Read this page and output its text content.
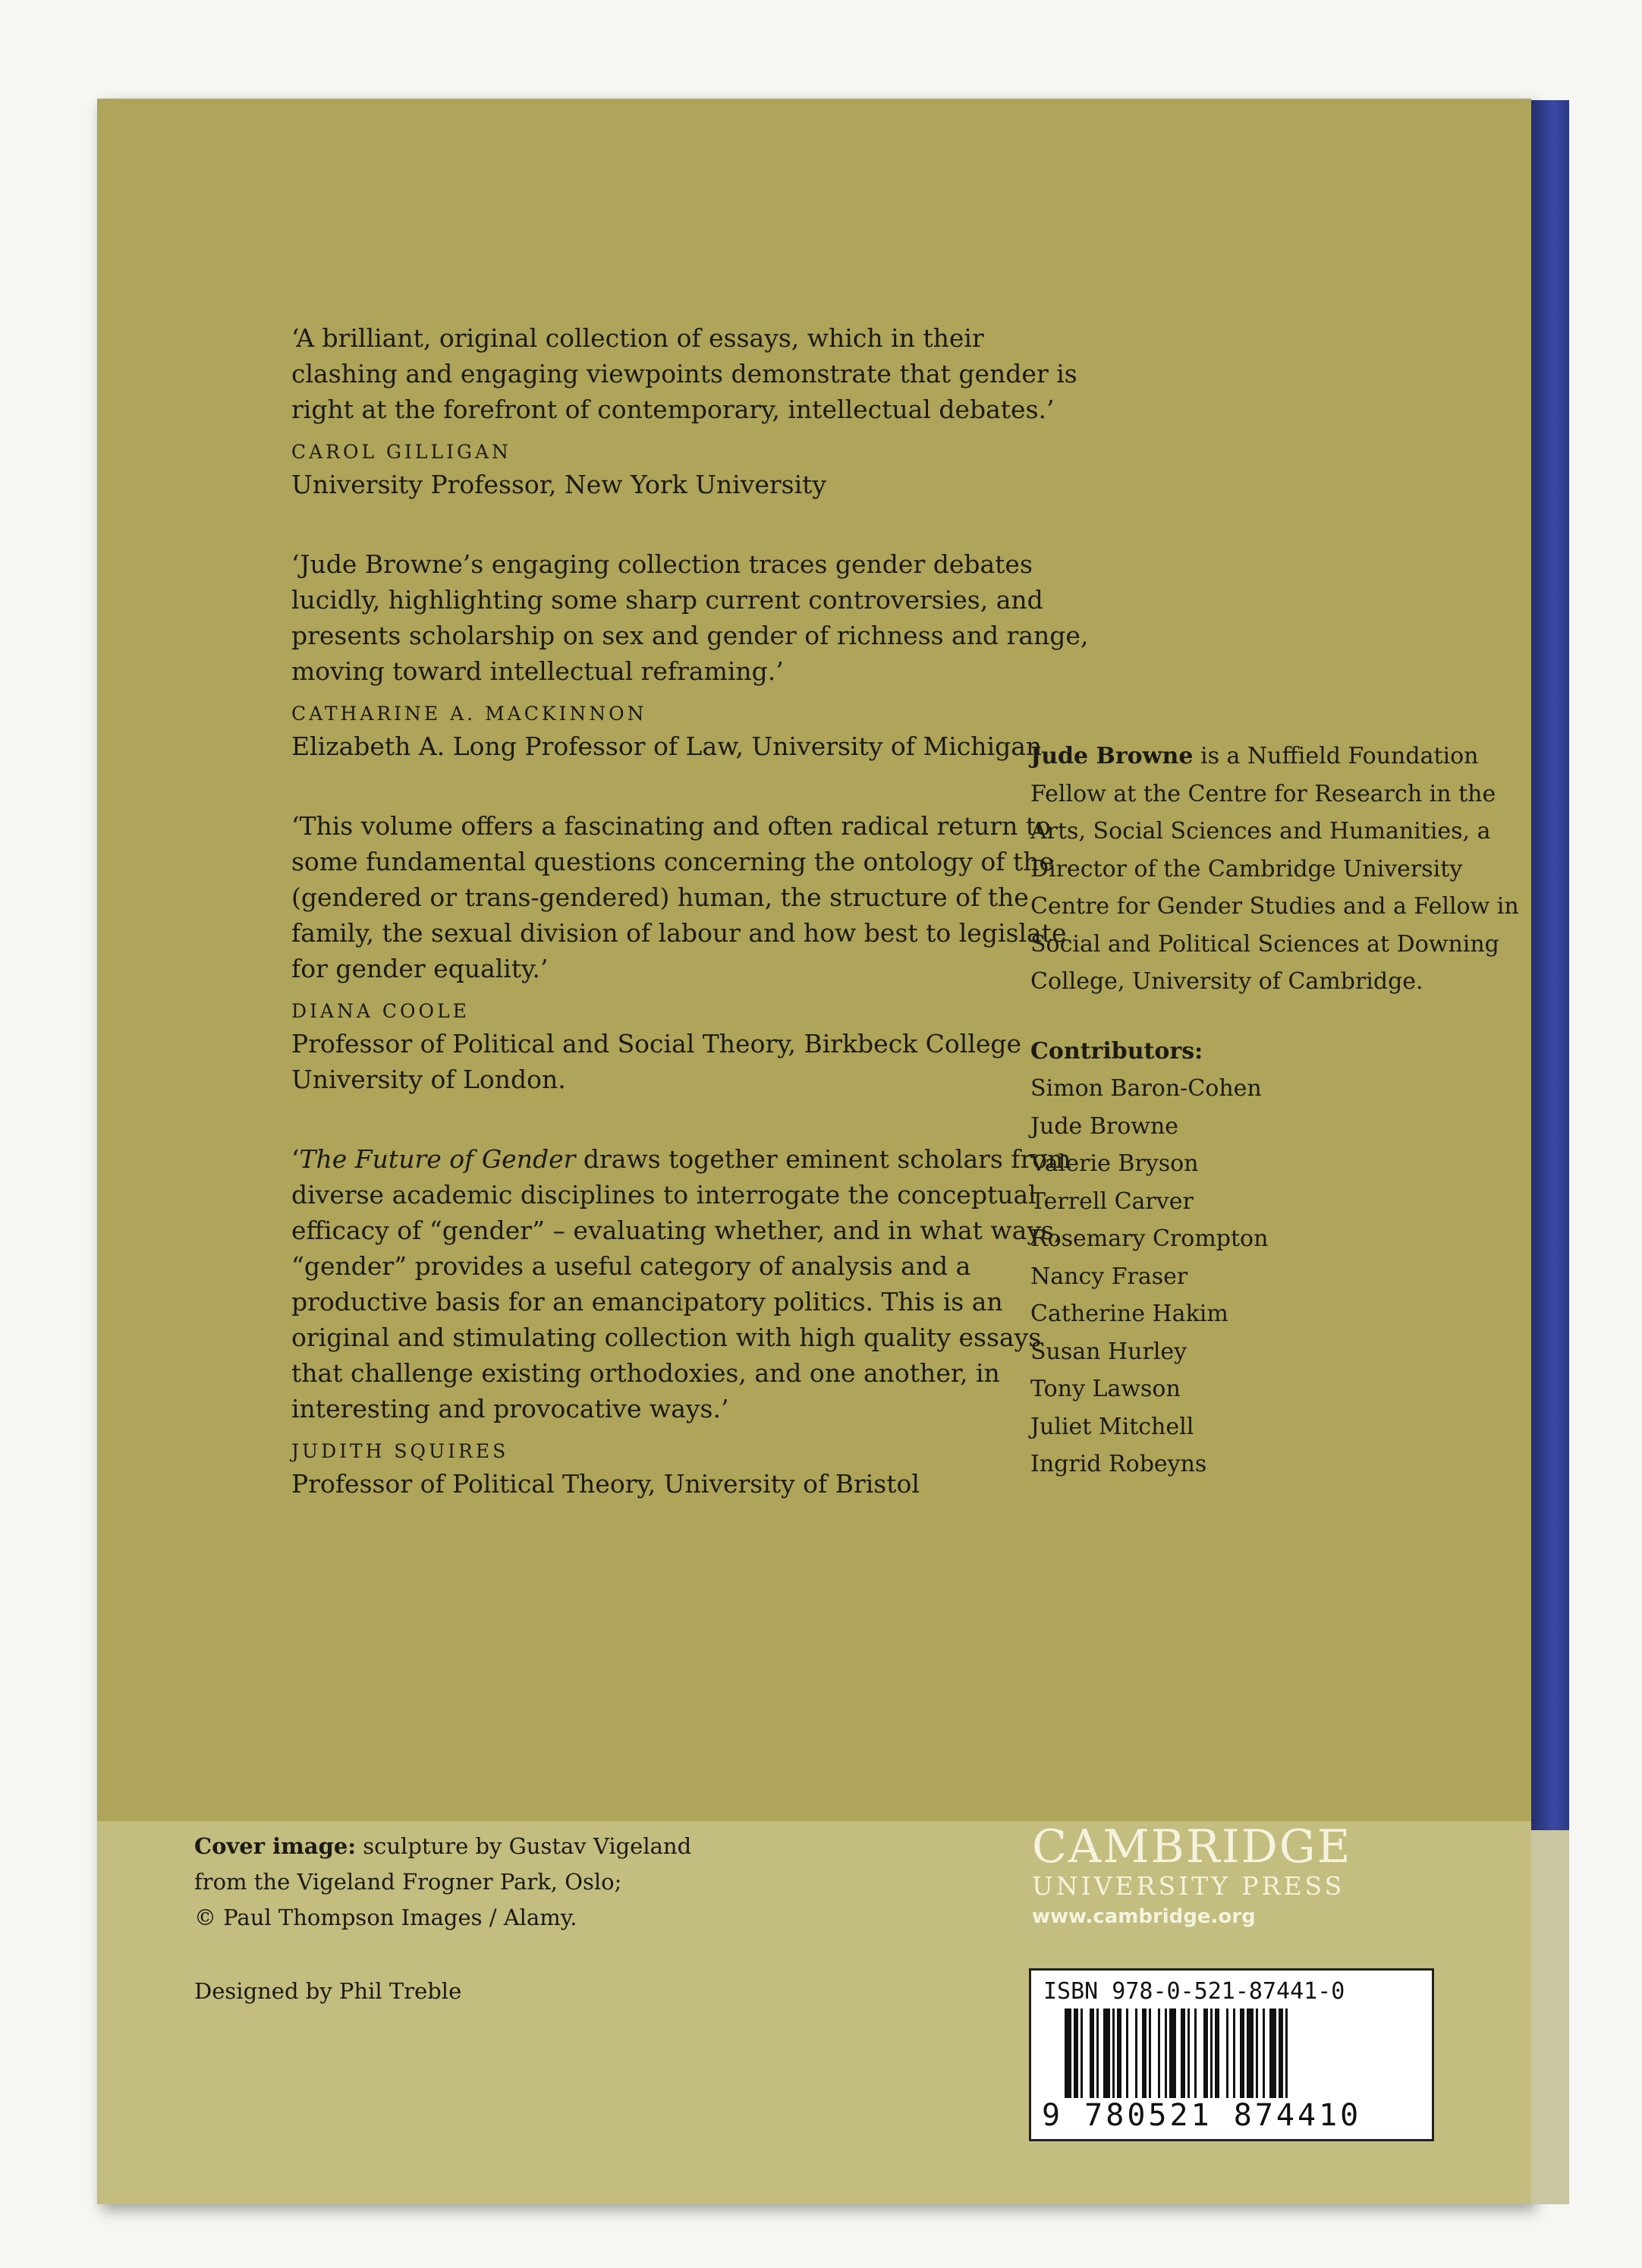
‘A brilliant, original collection of essays, which in their clashing and engaging viewpoints demonstrate that gender is right at the forefront of contemporary, intellectual debates.’

CAROL GILLIGAN

University Professor, New York University

‘Jude Browne’s engaging collection traces gender debates lucidly, highlighting some sharp current controversies, and presents scholarship on sex and gender of richness and range, moving toward intellectual reframing.’

CATHARINE A. MACKINNON

Elizabeth A. Long Professor of Law, University of Michigan

‘This volume offers a fascinating and often radical return to some fundamental questions concerning the ontology of the (gendered or trans-gendered) human, the structure of the family, the sexual division of labour and how best to legislate for gender equality.’

DIANA COOLE

Professor of Political and Social Theory, Birkbeck College University of London.

‘The Future of Gender draws together eminent scholars from diverse academic disciplines to interrogate the conceptual efficacy of “gender” – evaluating whether, and in what ways, “gender” provides a useful category of analysis and a productive basis for an emancipatory politics. This is an original and stimulating collection with high quality essays that challenge existing orthodoxies, and one another, in interesting and provocative ways.’

JUDITH SQUIRES

Professor of Political Theory, University of Bristol

Jude Browne is a Nuffield Foundation Fellow at the Centre for Research in the Arts, Social Sciences and Humanities, a Director of the Cambridge University Centre for Gender Studies and a Fellow in Social and Political Sciences at Downing College, University of Cambridge.

Contributors:

Simon Baron-Cohen

Jude Browne

Valerie Bryson

Terrell Carver

Rosemary Crompton

Nancy Fraser

Catherine Hakim

Susan Hurley

Tony Lawson

Juliet Mitchell

Ingrid Robeyns

Cover image: sculpture by Gustav Vigeland
from the Vigeland Frogner Park, Oslo;
© Paul Thompson Images / Alamy.
Designed by Phil Treble
CAMBRIDGE
UNIVERSITY PRESS
www.cambridge.org
ISBN 978-0-521-87441-0
9 780521 874410
